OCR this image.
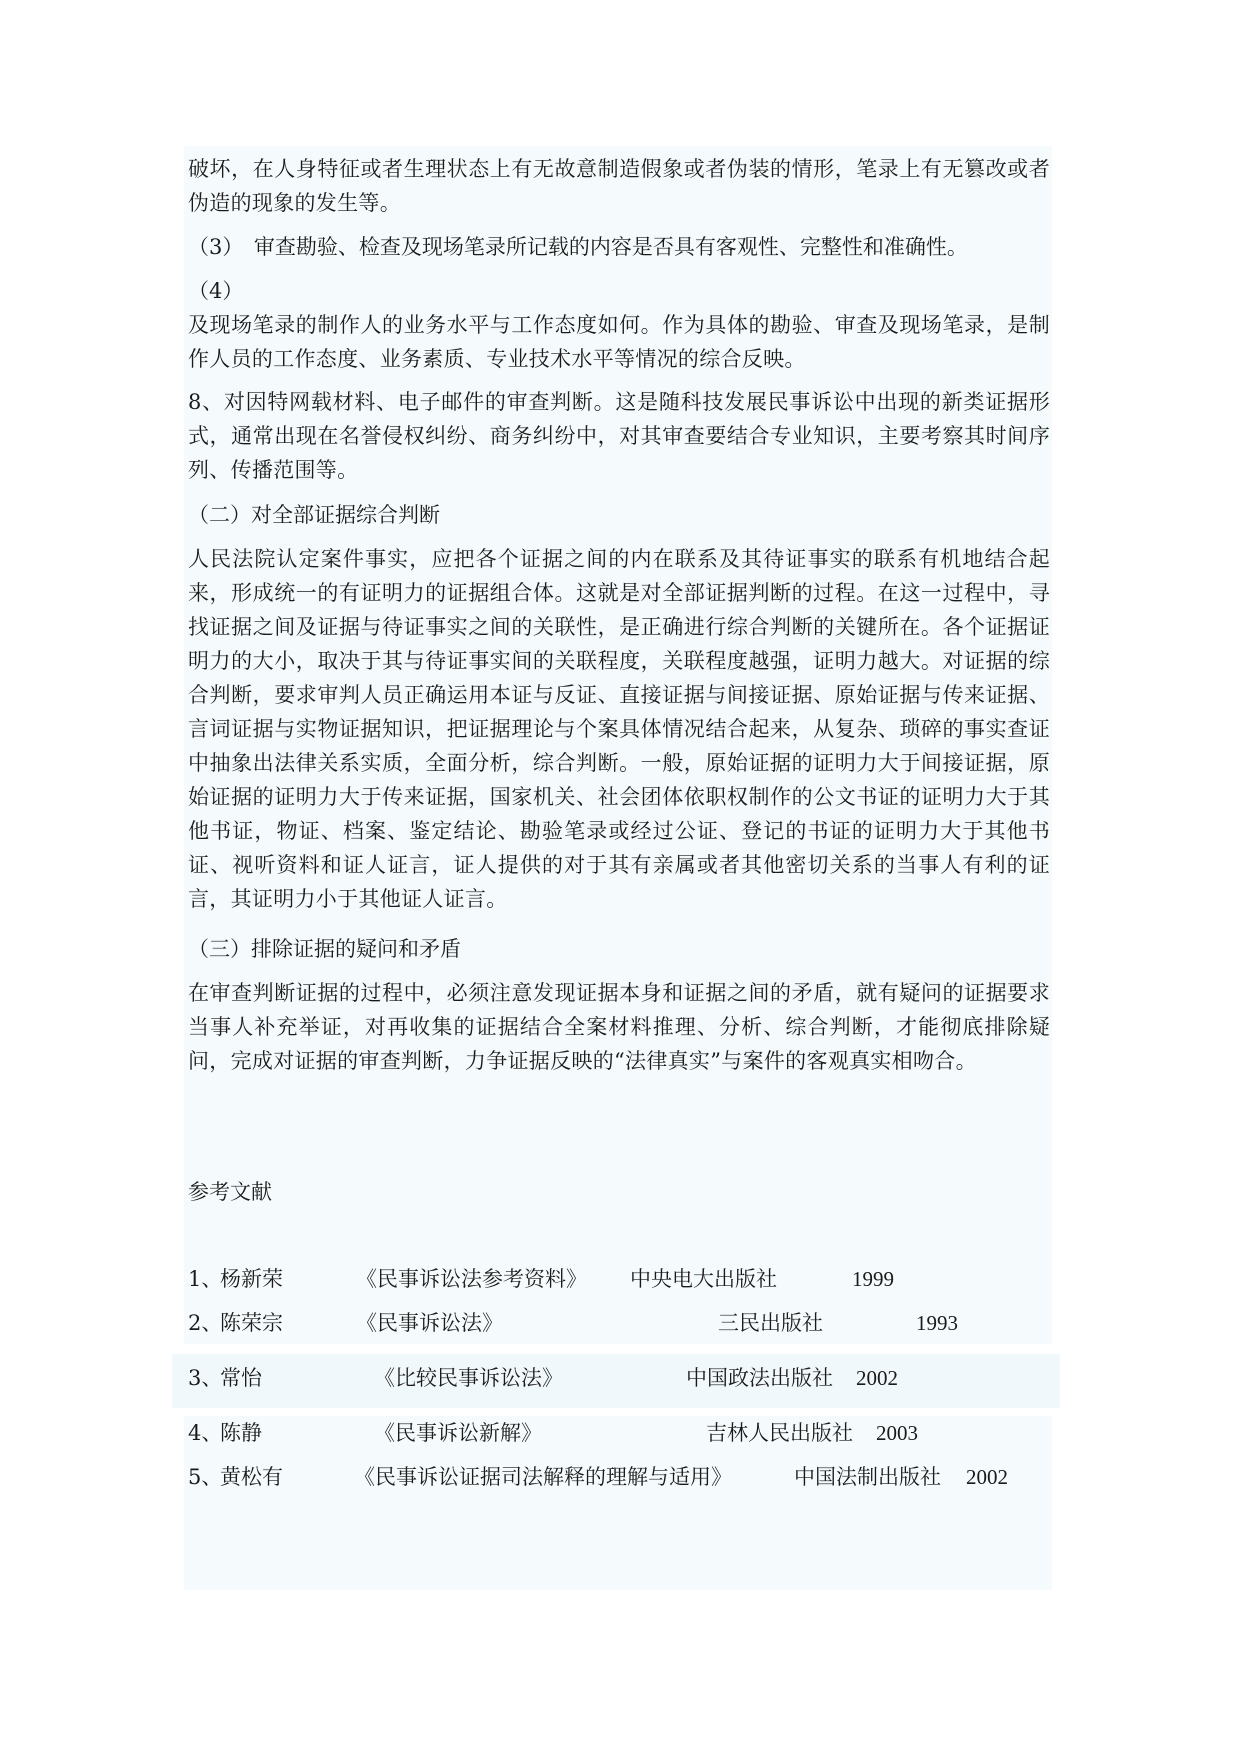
破坏，在人身特征或者生理状态上有无故意制造假象或者伪装的情形，笔录上有无篡改或者伪造的现象的发生等。
（3）　审查勘验、检查及现场笔录所记载的内容是否具有客观性、完整性和准确性。
（4）
及现场笔录的制作人的业务水平与工作态度如何。作为具体的勘验、审查及现场笔录，是制作人员的工作态度、业务素质、专业技术水平等情况的综合反映。
8、对因特网载材料、电子邮件的审查判断。这是随科技发展民事诉讼中出现的新类证据形式，通常出现在名誉侵权纠纷、商务纠纷中，对其审查要结合专业知识，主要考察其时间序列、传播范围等。
（二）对全部证据综合判断
人民法院认定案件事实，应把各个证据之间的内在联系及其待证事实的联系有机地结合起来，形成统一的有证明力的证据组合体。这就是对全部证据判断的过程。在这一过程中，寻找证据之间及证据与待证事实之间的关联性，是正确进行综合判断的关键所在。各个证据证明力的大小，取决于其与待证事实间的关联程度，关联程度越强，证明力越大。对证据的综合判断，要求审判人员正确运用本证与反证、直接证据与间接证据、原始证据与传来证据、言词证据与实物证据知识，把证据理论与个案具体情况结合起来，从复杂、琐碎的事实查证中抽象出法律关系实质，全面分析，综合判断。一般，原始证据的证明力大于间接证据，原始证据的证明力大于传来证据，国家机关、社会团体依职权制作的公文书证的证明力大于其他书证，物证、档案、鉴定结论、勘验笔录或经过公证、登记的书证的证明力大于其他书证、视听资料和证人证言，证人提供的对于其有亲属或者其他密切关系的当事人有利的证言，其证明力小于其他证人证言。
（三）排除证据的疑问和矛盾
在审查判断证据的过程中，必须注意发现证据本身和证据之间的矛盾，就有疑问的证据要求当事人补充举证，对再收集的证据结合全案材料推理、分析、综合判断，才能彻底排除疑问，完成对证据的审查判断，力争证据反映的“法律真实”与案件的客观真实相吻合。
参考文献
1、
杨新荣	《民事诉讼法参考资料》 中央电大出版社	1999
2、
陈荣宗	《民事诉讼法》	三民出版社	1993
3、
常怡	《比较民事诉讼法》	中国政法出版社 2002
4、
陈静	《民事诉讼新解》	吉林人民出版社 2003
5、
黄松有	《民事诉讼证据司法解释的理解与适用》	中国法制出版社 2002
